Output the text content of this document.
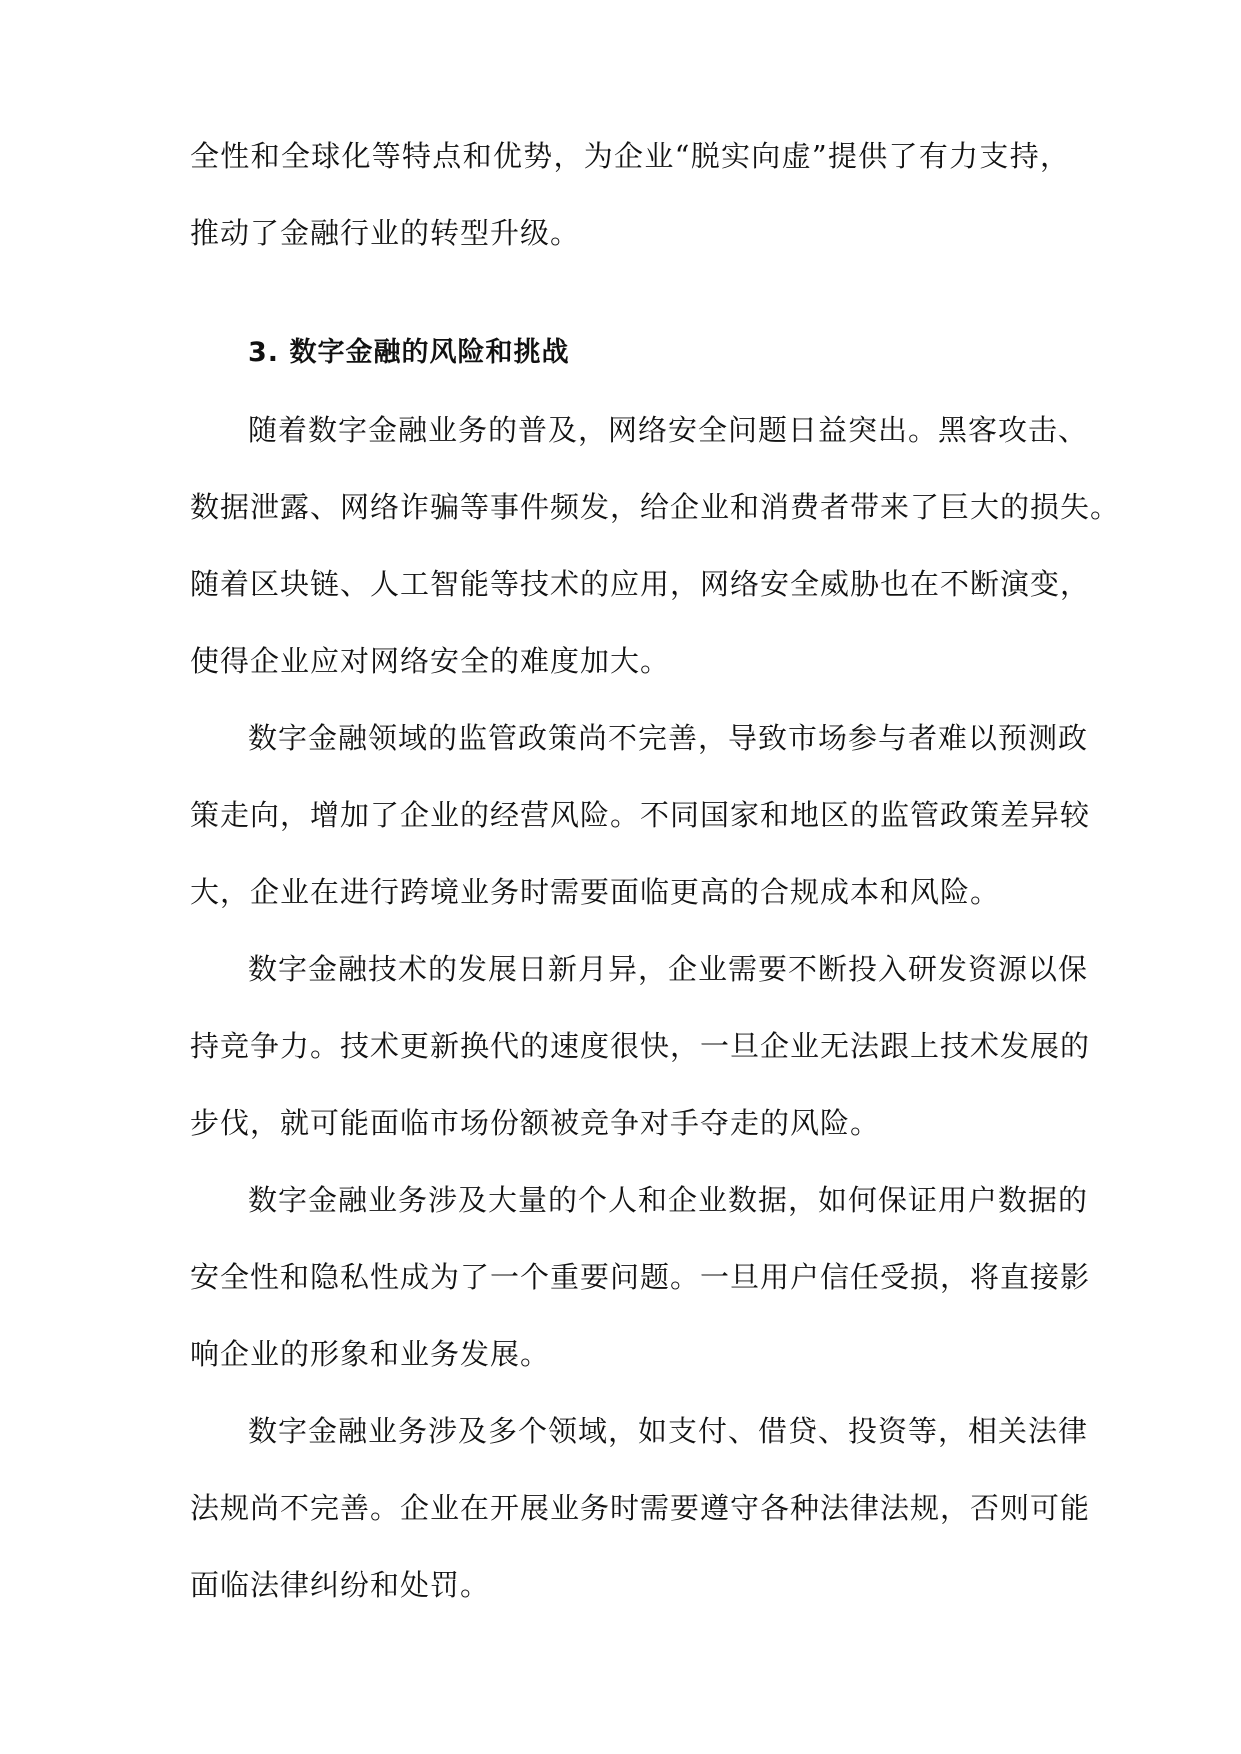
全性和全球化等特点和优势，为企业“脱实向虚”提供了有力支持，
推动了金融行业的转型升级。
3. 数字金融的风险和挑战
随着数字金融业务的普及，网络安全问题日益突出。黑客攻击、
数据泄露、网络诈骗等事件频发，给企业和消费者带来了巨大的损失。
随着区块链、人工智能等技术的应用，网络安全威胁也在不断演变，
使得企业应对网络安全的难度加大。
数字金融领域的监管政策尚不完善，导致市场参与者难以预测政
策走向，增加了企业的经营风险。不同国家和地区的监管政策差异较
大，企业在进行跨境业务时需要面临更高的合规成本和风险。
数字金融技术的发展日新月异，企业需要不断投入研发资源以保
持竞争力。技术更新换代的速度很快，一旦企业无法跟上技术发展的
步伐，就可能面临市场份额被竞争对手夺走的风险。
数字金融业务涉及大量的个人和企业数据，如何保证用户数据的
安全性和隐私性成为了一个重要问题。一旦用户信任受损，将直接影
响企业的形象和业务发展。
数字金融业务涉及多个领域，如支付、借贷、投资等，相关法律
法规尚不完善。企业在开展业务时需要遵守各种法律法规，否则可能
面临法律纠纷和处罚。
